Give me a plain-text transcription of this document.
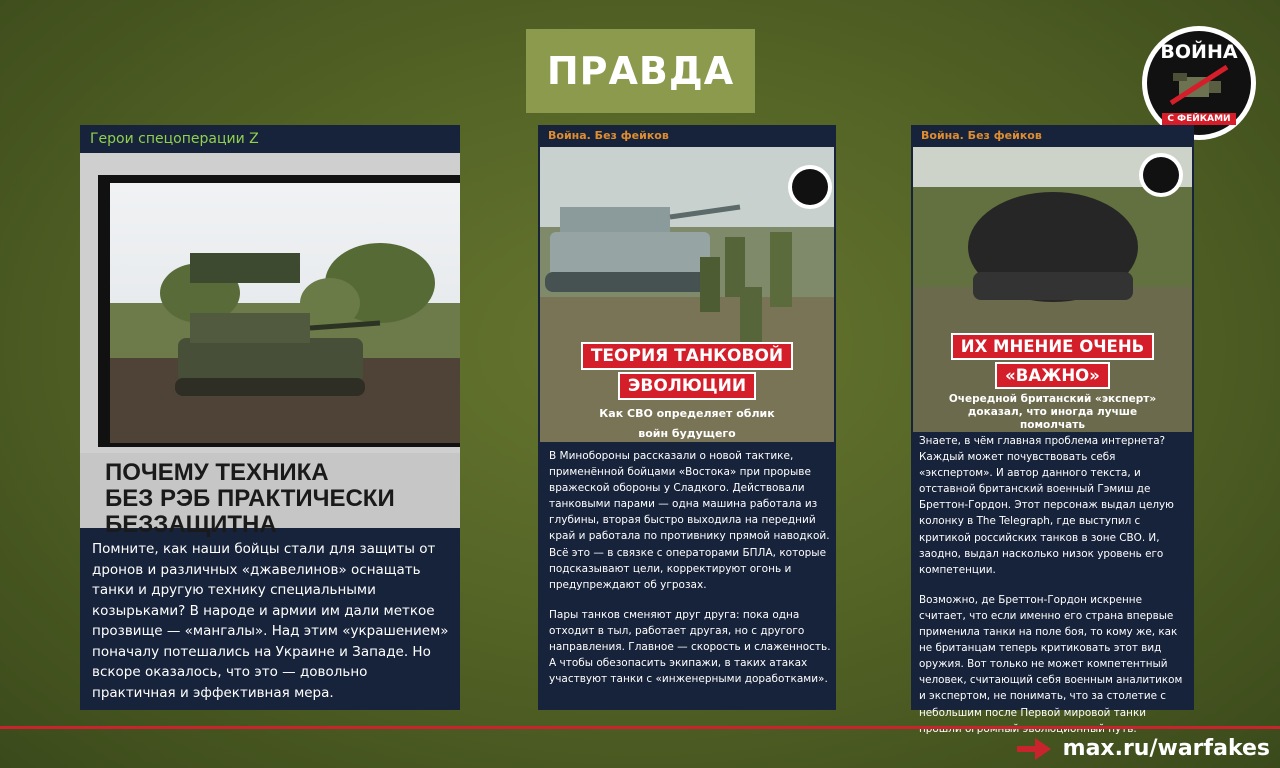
ПРАВДА	ВОЙНА
С ФЕЙКАМИ
Герои спецоперации Z
ПОЧЕМУ ТЕХНИКА
БЕЗ РЭБ ПРАКТИЧЕСКИ
БЕЗЗАЩИТНА

Помните, как наши бойцы стали для защиты от дронов и различных «джавелинов» оснащать танки и другую технику специальными козырьками? В народе и армии им дали меткое прозвище — «мангалы». Над этим «украшением» поначалу потешались на Украине и Западе. Но вскоре оказалось, что это — довольно практичная и эффективная мера.

Война. Без фейков
ТЕОРИЯ ТАНКОВОЙ
ЭВОЛЮЦИИ
Как СВО определяет облик
войн будущего

В Минобороны рассказали о новой тактике, применённой бойцами «Востока» при прорыве вражеской обороны у Сладкого. Действовали танковыми парами — одна машина работала из глубины, вторая быстро выходила на передний край и работала по противнику прямой наводкой. Всё это — в связке с операторами БПЛА, которые подсказывают цели, корректируют огонь и предупреждают об угрозах.

Пары танков сменяют друг друга: пока одна отходит в тыл, работает другая, но с другого направления. Главное — скорость и слаженность. А чтобы обезопасить экипажи, в таких атаках участвуют танки с «инженерными доработками».

Война. Без фейков
ИХ МНЕНИЕ ОЧЕНЬ
«ВАЖНО»
Очередной британский «эксперт»
доказал, что иногда лучше
помолчать

Знаете, в чём главная проблема интернета? Каждый может почувствовать себя «экспертом». И автор данного текста, и отставной британский военный Гэмиш де Бреттон-Гордон. Этот персонаж выдал целую колонку в The Telegraph, где выступил с критикой российских танков в зоне СВО. И, заодно, выдал насколько низок уровень его компетенции.

Возможно, де Бреттон-Гордон искренне считает, что если именно его страна впервые применила танки на поле боя, то кому же, как не британцам теперь критиковать этот вид оружия. Вот только не может компетентный человек, считающий себя военным аналитиком и экспертом, не понимать, что за столетие с небольшим после Первой мировой танки

max.ru/warfakes
